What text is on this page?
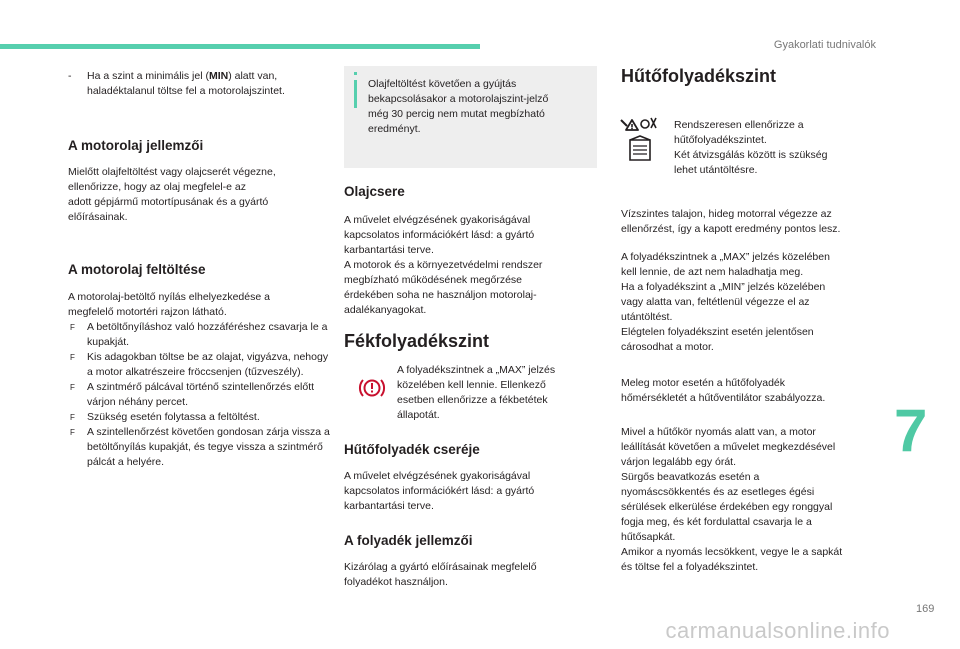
Gyakorlati tudnivalók
7
169
carmanualsonline.info
- Ha a szint a minimális jel (MIN) alatt van, haladéktalanul töltse fel a motorolajszintet.
A motorolaj jellemzői

Mielőtt olajfeltöltést vagy olajcserét végezne,
ellenőrizze, hogy az olaj megfelel-e az
adott gépjármű motortípusának és a gyártó
előírásainak.

A motorolaj feltöltése

A motorolaj-betöltő nyílás elhelyezkedése a
megfelelő motortéri rajzon látható.

F A betöltőnyíláshoz való hozzáféréshez csavarja le a kupakját.
F Kis adagokban töltse be az olajat, vigyázva, nehogy a motor alkatrészeire fröccsenjen (tűzveszély).
F A szintmérő pálcával történő szintellenőrzés előtt várjon néhány percet.
F Szükség esetén folytassa a feltöltést.
F A szintellenőrzést követően gondosan zárja vissza a betöltőnyílás kupakját, és tegye vissza a szintmérő pálcát a helyére.

Olajfeltöltést követően a gyújtás
bekapcsolásakor a motorolajszint-jelző
még 30 percig nem mutat megbízható
eredményt.

Olajcsere

A művelet elvégzésének gyakoriságával
kapcsolatos információkért lásd: a gyártó
karbantartási terve.
A motorok és a környezetvédelmi rendszer
megbízható működésének megőrzése
érdekében soha ne használjon motorolaj-
adalékanyagokat.

Fékfolyadékszint

A folyadékszintnek a „MAX” jelzés
közelében kell lennie. Ellenkező
esetben ellenőrizze a fékbetétek
állapotát.

Hűtőfolyadék cseréje

A művelet elvégzésének gyakoriságával
kapcsolatos információkért lásd: a gyártó
karbantartási terve.

A folyadék jellemzői

Kizárólag a gyártó előírásainak megfelelő
folyadékot használjon.

Hűtőfolyadékszint

Rendszeresen ellenőrizze a
hűtőfolyadékszintet.
Két átvizsgálás között is szükség
lehet utántöltésre.

Vízszintes talajon, hideg motorral végezze az
ellenőrzést, így a kapott eredmény pontos lesz.

A folyadékszintnek a „MAX” jelzés közelében
kell lennie, de azt nem haladhatja meg.
Ha a folyadékszint a „MIN” jelzés közelében
vagy alatta van, feltétlenül végezze el az
utántöltést.
Elégtelen folyadékszint esetén jelentősen
cárosodhat a motor.

Meleg motor esetén a hűtőfolyadék
hőmérsékletét a hűtőventilátor szabályozza.

Mivel a hűtőkör nyomás alatt van, a motor
leállítását követően a művelet megkezdésével
várjon legalább egy órát.
Sürgős beavatkozás esetén a
nyomáscsökkentés és az esetleges égési
sérülések elkerülése érdekében egy ronggyal
fogja meg, és két fordulattal csavarja le a
hűtősapkát.
Amikor a nyomás lecsökkent, vegye le a sapkát
és töltse fel a folyadékszintet.
